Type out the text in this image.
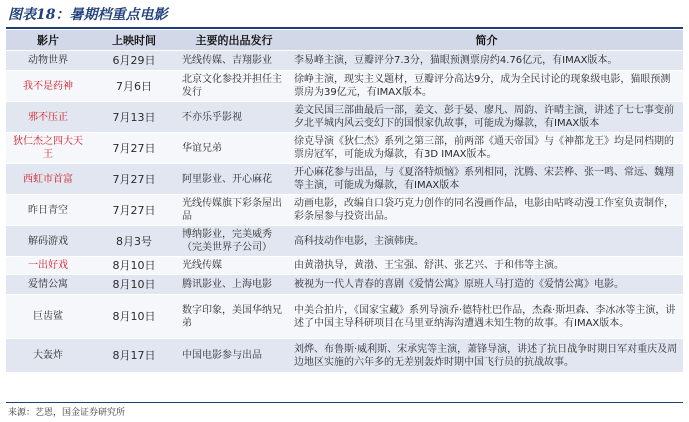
图表18：暑期档重点电影
影片	上映时间	主要的出品发行	简介
动物世界	6月29日	光线传媒、吉翔影业	李易峰主演，豆瓣评分7.3分，猫眼预测票房约4.76亿元，有IMAX版本。
我不是药神	7月6日	北京文化参投并担任主发行	徐峥主演，现实主义题材，豆瓣评分高达9分，成为全民讨论的现象级电影，猫眼预测票房为39亿元，有IMAX版本。
邪不压正	7月13日	不亦乐乎影视	姜文民国三部曲最后一部，姜文、彭于晏、廖凡、周韵、许晴主演，讲述了七七事变前夕北平城内风云变幻下的国恨家仇故事，可能成为爆款，有IMAX版本
狄仁杰之四大天王	7月27日	华谊兄弟	徐克导演《狄仁杰》系列之第三部，前两部《通天帝国》与《神都龙王》均是同档期的票房冠军，可能成为爆款，有3D IMAX版本。
西虹市首富	7月27日	阿里影业、开心麻花	开心麻花参与出品，与《夏洛特烦恼》系列相同，沈腾、宋芸桦、张一鸣、常远、魏翔等主演，可能成为爆款，有IMAX版本
昨日青空	7月27日	光线传媒旗下彩条屋出品	动画电影，改编自口袋巧克力创作的同名漫画作品，电影由咕咚动漫工作室负责制作，彩条屋参与投资出品。
解码游戏	8月3号	博纳影业，完美威秀（完美世界子公司）	高科技动作电影，主演韩庚。
一出好戏	8月10日	光线传媒	由黄渤执导，黄渤、王宝强、舒淇、张艺兴、于和伟等主演。
爱情公寓	8月10日	腾讯影业、上海电影	被视为一代人青春的喜剧《爱情公寓》原班人马打造的《爱情公寓》电影。
巨齿鲨	8月10日	数字印象，美国华纳兄弟	中美合拍片，《国家宝藏》系列导演乔·德特杜巴作品，杰森·斯坦森、李冰冰等主演，讲述了中国主导科研项目在马里亚纳海沟遭遇未知生物的故事。有IMAX版本。
大轰炸	8月17日	中国电影参与出品	刘烨、布鲁斯·威利斯、宋承宪等主演，萧锋导演，讲述了抗日战争时期日军对重庆及周边地区实施的六年多的无差别轰炸时期中国飞行员的抗战故事。
来源：艺恩，国金证券研究所
